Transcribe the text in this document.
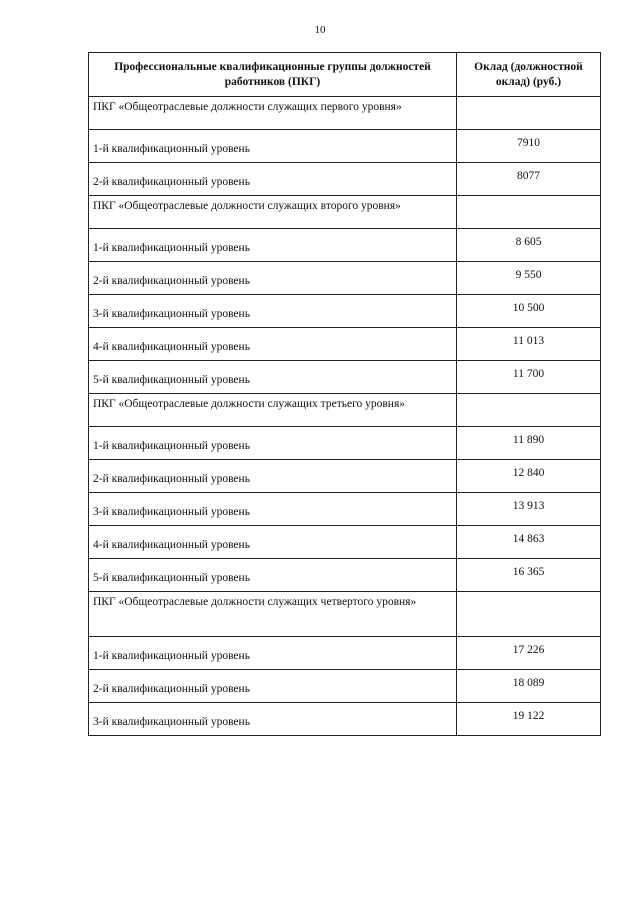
10
Профессиональные квалификационные группы должностей работников (ПКГ)	Оклад (должностной оклад) (руб.)
ПКГ «Общеотраслевые должности служащих первого уровня»	
1-й квалификационный уровень	7910
2-й квалификационный уровень	8077
ПКГ «Общеотраслевые должности служащих второго уровня»	
1-й квалификационный уровень	8 605
2-й квалификационный уровень	9 550
3-й квалификационный уровень	10 500
4-й квалификационный уровень	11 013
5-й квалификационный уровень	11 700
ПКГ «Общеотраслевые должности служащих третьего уровня»	
1-й квалификационный уровень	11 890
2-й квалификационный уровень	12 840
3-й квалификационный уровень	13 913
4-й квалификационный уровень	14 863
5-й квалификационный уровень	16 365
ПКГ «Общеотраслевые должности служащих четвертого уровня»	
1-й квалификационный уровень	17 226
2-й квалификационный уровень	18 089
3-й квалификационный уровень	19 122
